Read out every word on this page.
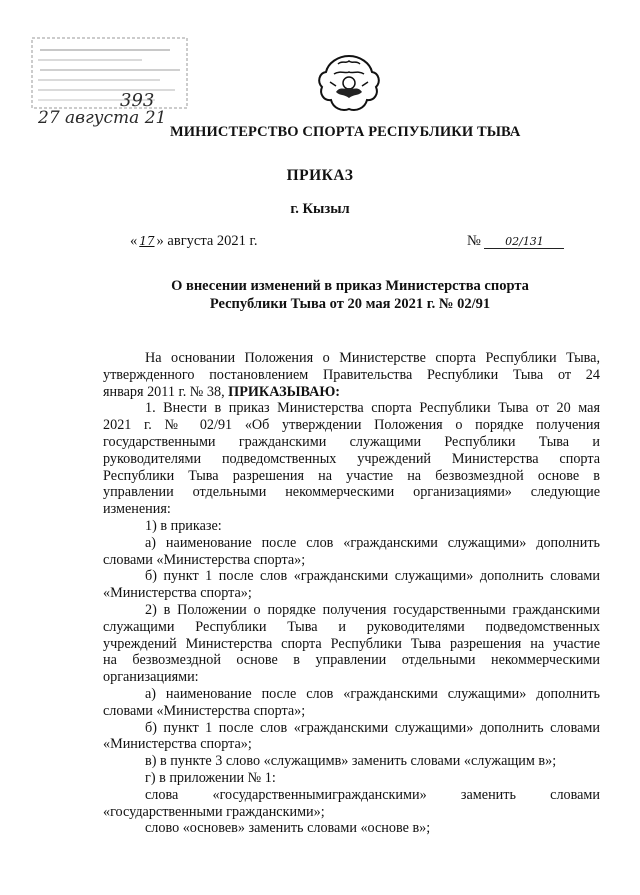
393
27 августа 21
МИНИСТЕРСТВО СПОРТА РЕСПУБЛИКИ ТЫВА
ПРИКАЗ
г. Кызыл
« 17 » августа 2021 г.	№ 02/131
О внесении изменений в приказ Министерства спорта
Республики Тыва от 20 мая 2021 г. № 02/91

На основании Положения о Министерстве спорта Республики Тыва,

утвержденного постановлением Правительства Республики Тыва от 24

января 2011 г. № 38, ПРИКАЗЫВАЮ:

1. Внести в приказ Министерства спорта Республики Тыва от 20 мая

2021 г. № 02/91 «Об утверждении Положения о порядке получения

государственными гражданскими служащими Республики Тыва и

руководителями подведомственных учреждений Министерства спорта

Республики Тыва разрешения на участие на безвозмездной основе в

управлении отдельными некоммерческими организациями» следующие

изменения:

1) в приказе:

а) наименование после слов «гражданскими служащими» дополнить

словами «Министерства спорта»;

б) пункт 1 после слов «гражданскими служащими» дополнить словами

«Министерства спорта»;

2) в Положении о порядке получения государственными гражданскими

служащими Республики Тыва и руководителями подведомственных

учреждений Министерства спорта Республики Тыва разрешения на участие

на безвозмездной основе в управлении отдельными некоммерческими

организациями:

а) наименование после слов «гражданскими служащими» дополнить

словами «Министерства спорта»;

б) пункт 1 после слов «гражданскими служащими» дополнить словами

«Министерства спорта»;

в) в пункте 3 слово «служащимв» заменить словами «служащим в»;

г) в приложении № 1:

слова «государственнымигражданскими» заменить словами

«государственными гражданскими»;

слово «основев» заменить словами «основе в»;
